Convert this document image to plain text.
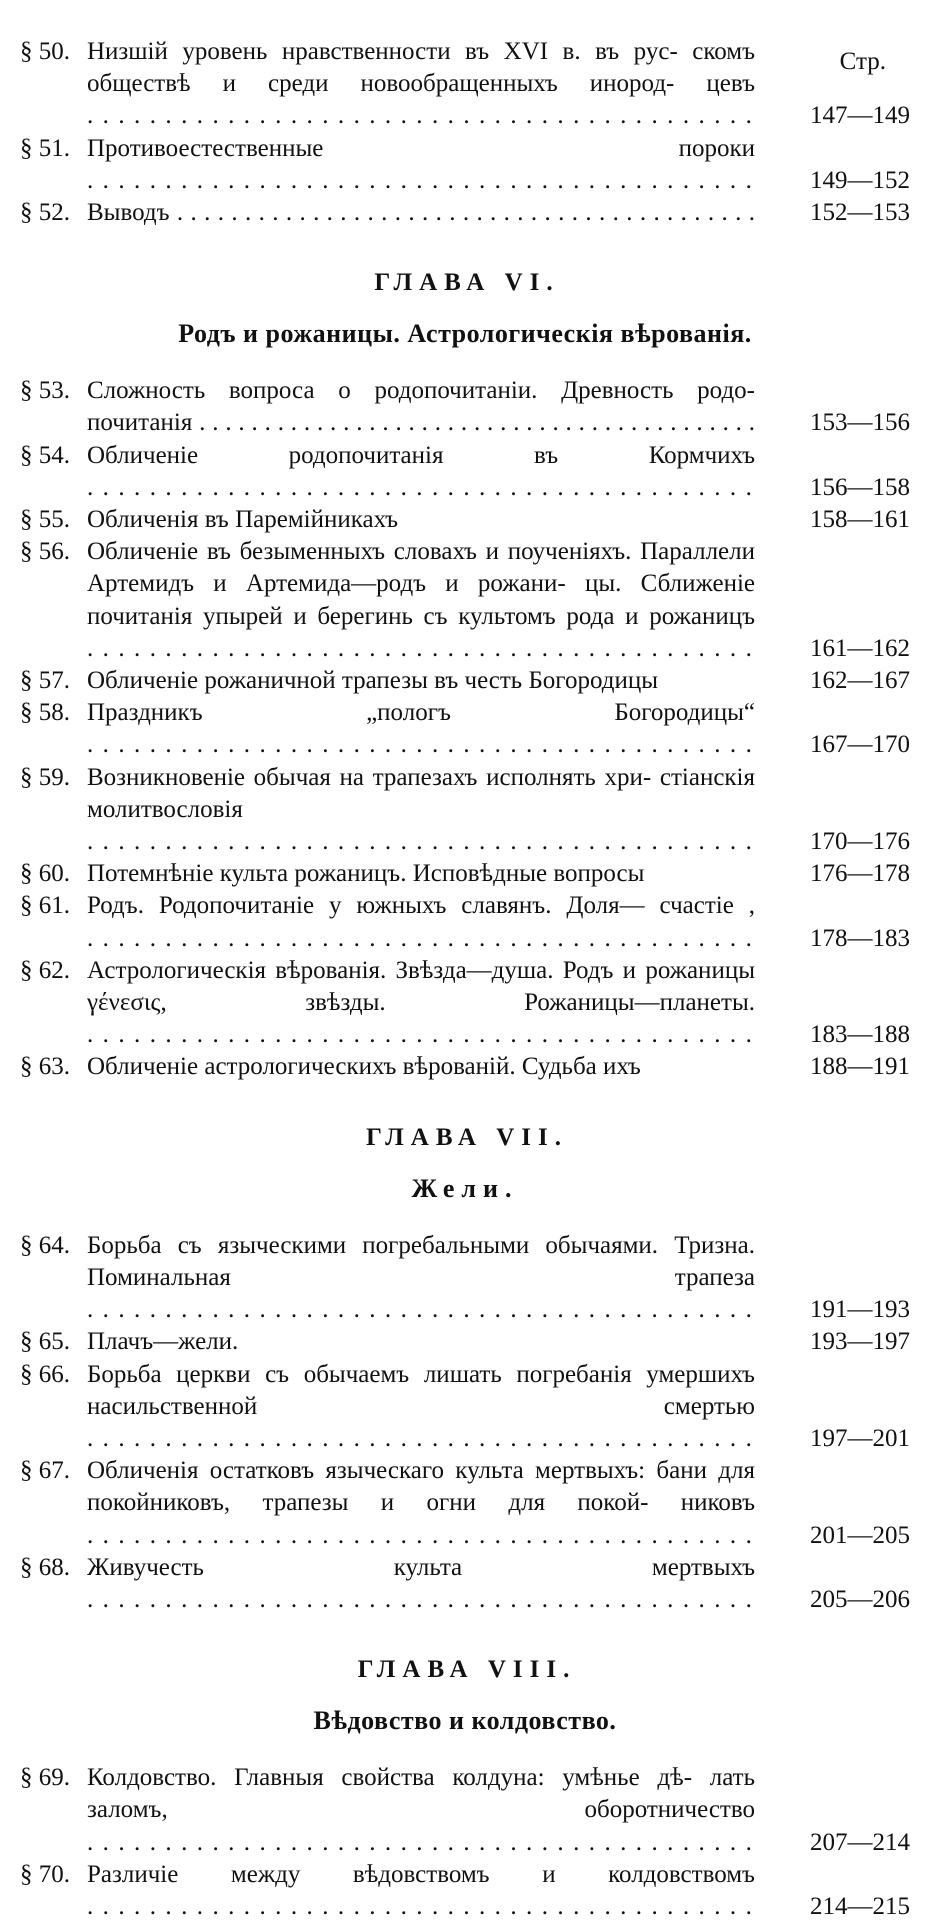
Стр.
§ 50. Низшій уровень нравственности въ XVI в. въ рус- скомъ обществѣ и среди новообращенныхъ инород- цевъ . . .
147—149
§ 51. Противоестественные пороки . . .
149—152
§ 52. Выводъ . . .	152—153
ГЛАВА VI.
Родъ и рожаницы. Астрологическія вѣрованія.
§ 53. Сложность вопроса о родопочитаніи. Древность родо- почитанія . . .	153—156
§ 54. Обличеніе родопочитанія въ Кормчихъ . . .
156—158
§ 55. Обличенія въ Паремійникахъ	158—161
§ 56. Обличеніе въ безыменныхъ словахъ и поученіяхъ. Параллели Артемидъ и Артемида—родъ и рожани- цы. Сближеніе почитанія упырей и берегинь съ культомъ рода и рожаницъ . . .
161—162
§ 57. Обличеніе рожаничной трапезы въ честь Богородицы	162—167
§ 58. Праздникъ „пологъ Богородицы“ . . .
167—170
§ 59. Возникновеніе обычая на трапезахъ исполнять хри- стіанскія молитвословія . . .
170—176
§ 60. Потемнѣніе культа рожаницъ. Исповѣдные вопросы	176—178
§ 61. Родъ. Родопочитаніе у южныхъ славянъ. Доля— счастіе , . . .
178—183
§ 62. Астрологическія вѣрованія. Звѣзда—душа. Родъ и рожаницы γένεσις, звѣзды. Рожаницы—планеты. . . .
183—188
§ 63. Обличеніе астрологическихъ вѣрованій. Судьба ихъ	188—191
ГЛАВА VII.
Жели.
§ 64. Борьба съ языческими погребальными обычаями. Тризна. Поминальная трапеза . . .
191—193
§ 65. Плачъ—жели.	193—197
§ 66. Борьба церкви съ обычаемъ лишать погребанія умершихъ насильственной смертью . . .
197—201
§ 67. Обличенія остатковъ языческаго культа мертвыхъ: бани для покойниковъ, трапезы и огни для покой- никовъ . . .
201—205
§ 68. Живучесть культа мертвыхъ . . .
205—206
ГЛАВА VIII.
Вѣдовство и колдовство.
§ 69. Колдовство. Главныя свойства колдуна: умѣнье дѣ- лать заломъ, оборотничество . . .
207—214
§ 70. Различіе между вѣдовствомъ и колдовствомъ . . .
214—215
